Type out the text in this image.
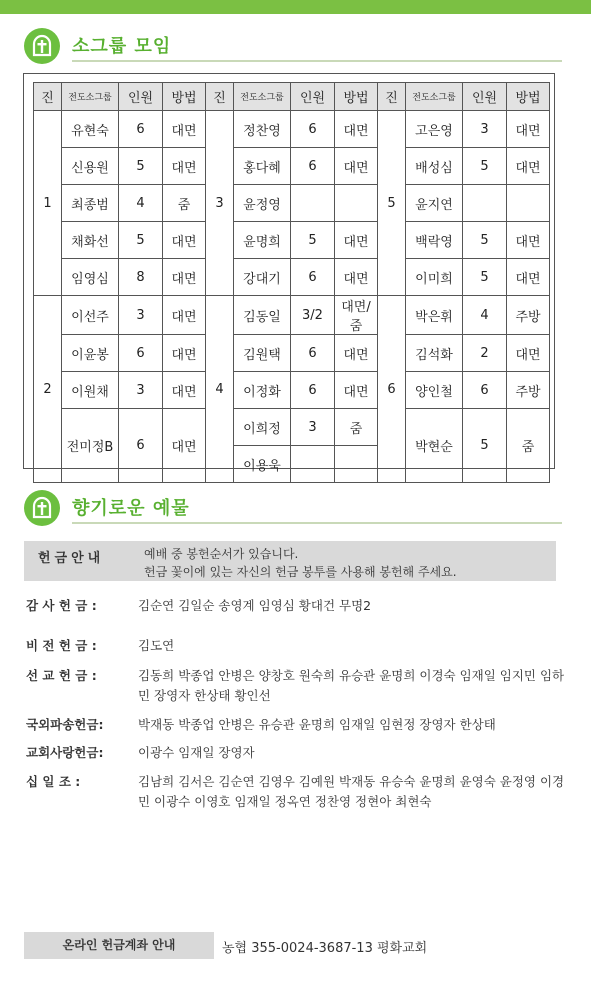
소그룹 모임
진	전도소그룹	인원	방법	진	전도소그룹	인원	방법	진	전도소그룹	인원	방법
1	유현숙	6	대면	3	정찬영	6	대면	5	고은영	3	대면
	신용원	5	대면		홍다혜	6	대면		배성심	5	대면
	최종범	4	줌		윤정영				윤지연		
	채화선	5	대면		윤명희	5	대면		백락영	5	대면
	임영심	8	대면		강대기	6	대면		이미희	5	대면
2	이선주	3	대면	4	김동일	3/2	대면/줌	6	박은휘	4	주방
	이윤봉	6	대면		김원택	6	대면		김석화	2	대면
	이원채	3	대면		이정화	6	대면		양인철	6	주방
	전미정B	6	대면		이희정	3	줌		박현순	5	줌
					이용욱						
향기로운 예물
헌금안내	예배 중 봉헌순서가 있습니다.
헌금 꽃이에 있는 자신의 헌금 봉투를 사용해 봉헌해 주세요.
감 사 헌 금 :	김순연 김일순 송영계 임영심 황대건 무명2
비 전 헌 금 :	김도연
선 교 헌 금 :	김동희 박종업 안병은 양창호 원숙희 유승관 윤명희 이경숙 임재일 임지민 임하민 장영자 한상태 황인선
국외파송헌금:	박재동 박종업 안병은 유승관 윤명희 임재일 임현정 장영자 한상태
교회사랑헌금:	이광수 임재일 장영자
십 일 조 :	김남희 김서은 김순연 김영우 김예원 박재동 유승숙 윤명희 윤영숙 윤정영 이경민 이광수 이영호 임재일 정옥연 정찬영 정현아 최현숙
온라인 헌금계좌 안내	농협 355-0024-3687-13 평화교회
